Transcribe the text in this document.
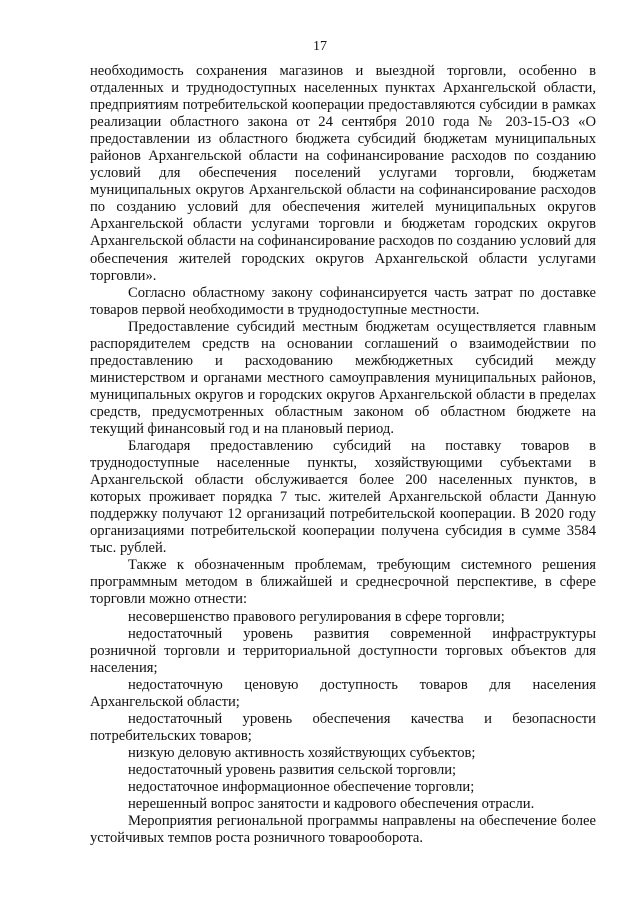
17

необходимость сохранения магазинов и выездной торговли, особенно в отдаленных и труднодоступных населенных пунктах Архангельской области, предприятиям потребительской кооперации предоставляются субсидии в рамках реализации областного закона от 24 сентября 2010 года № 203-15-ОЗ «О предоставлении из областного бюджета субсидий бюджетам муниципальных районов Архангельской области на софинансирование расходов по созданию условий для обеспечения поселений услугами торговли, бюджетам муниципальных округов Архангельской области на софинансирование расходов по созданию условий для обеспечения жителей муниципальных округов Архангельской области услугами торговли и бюджетам городских округов Архангельской области на софинансирование расходов по созданию условий для обеспечения жителей городских округов Архангельской области услугами торговли».

Согласно областному закону софинансируется часть затрат по доставке товаров первой необходимости в труднодоступные местности.

Предоставление субсидий местным бюджетам осуществляется главным распорядителем средств на основании соглашений о взаимодействии по предоставлению и расходованию межбюджетных субсидий между министерством и органами местного самоуправления муниципальных районов, муниципальных округов и городских округов Архангельской области в пределах средств, предусмотренных областным законом об областном бюджете на текущий финансовый год и на плановый период.

Благодаря предоставлению субсидий на поставку товаров в труднодоступные населенные пункты, хозяйствующими субъектами в Архангельской области обслуживается более 200 населенных пунктов, в которых проживает порядка 7 тыс. жителей Архангельской области Данную поддержку получают 12 организаций потребительской кооперации. В 2020 году организациями потребительской кооперации получена субсидия в сумме 3584 тыс. рублей.

Также к обозначенным проблемам, требующим системного решения программным методом в ближайшей и среднесрочной перспективе, в сфере торговли можно отнести:

несовершенство правового регулирования в сфере торговли;

недостаточный уровень развития современной инфраструктуры розничной торговли и территориальной доступности торговых объектов для населения;

недостаточную ценовую доступность товаров для населения Архангельской области;

недостаточный уровень обеспечения качества и безопасности потребительских товаров;

низкую деловую активность хозяйствующих субъектов;

недостаточный уровень развития сельской торговли;

недостаточное информационное обеспечение торговли;

нерешенный вопрос занятости и кадрового обеспечения отрасли.

Мероприятия региональной программы направлены на обеспечение более устойчивых темпов роста розничного товарооборота.
